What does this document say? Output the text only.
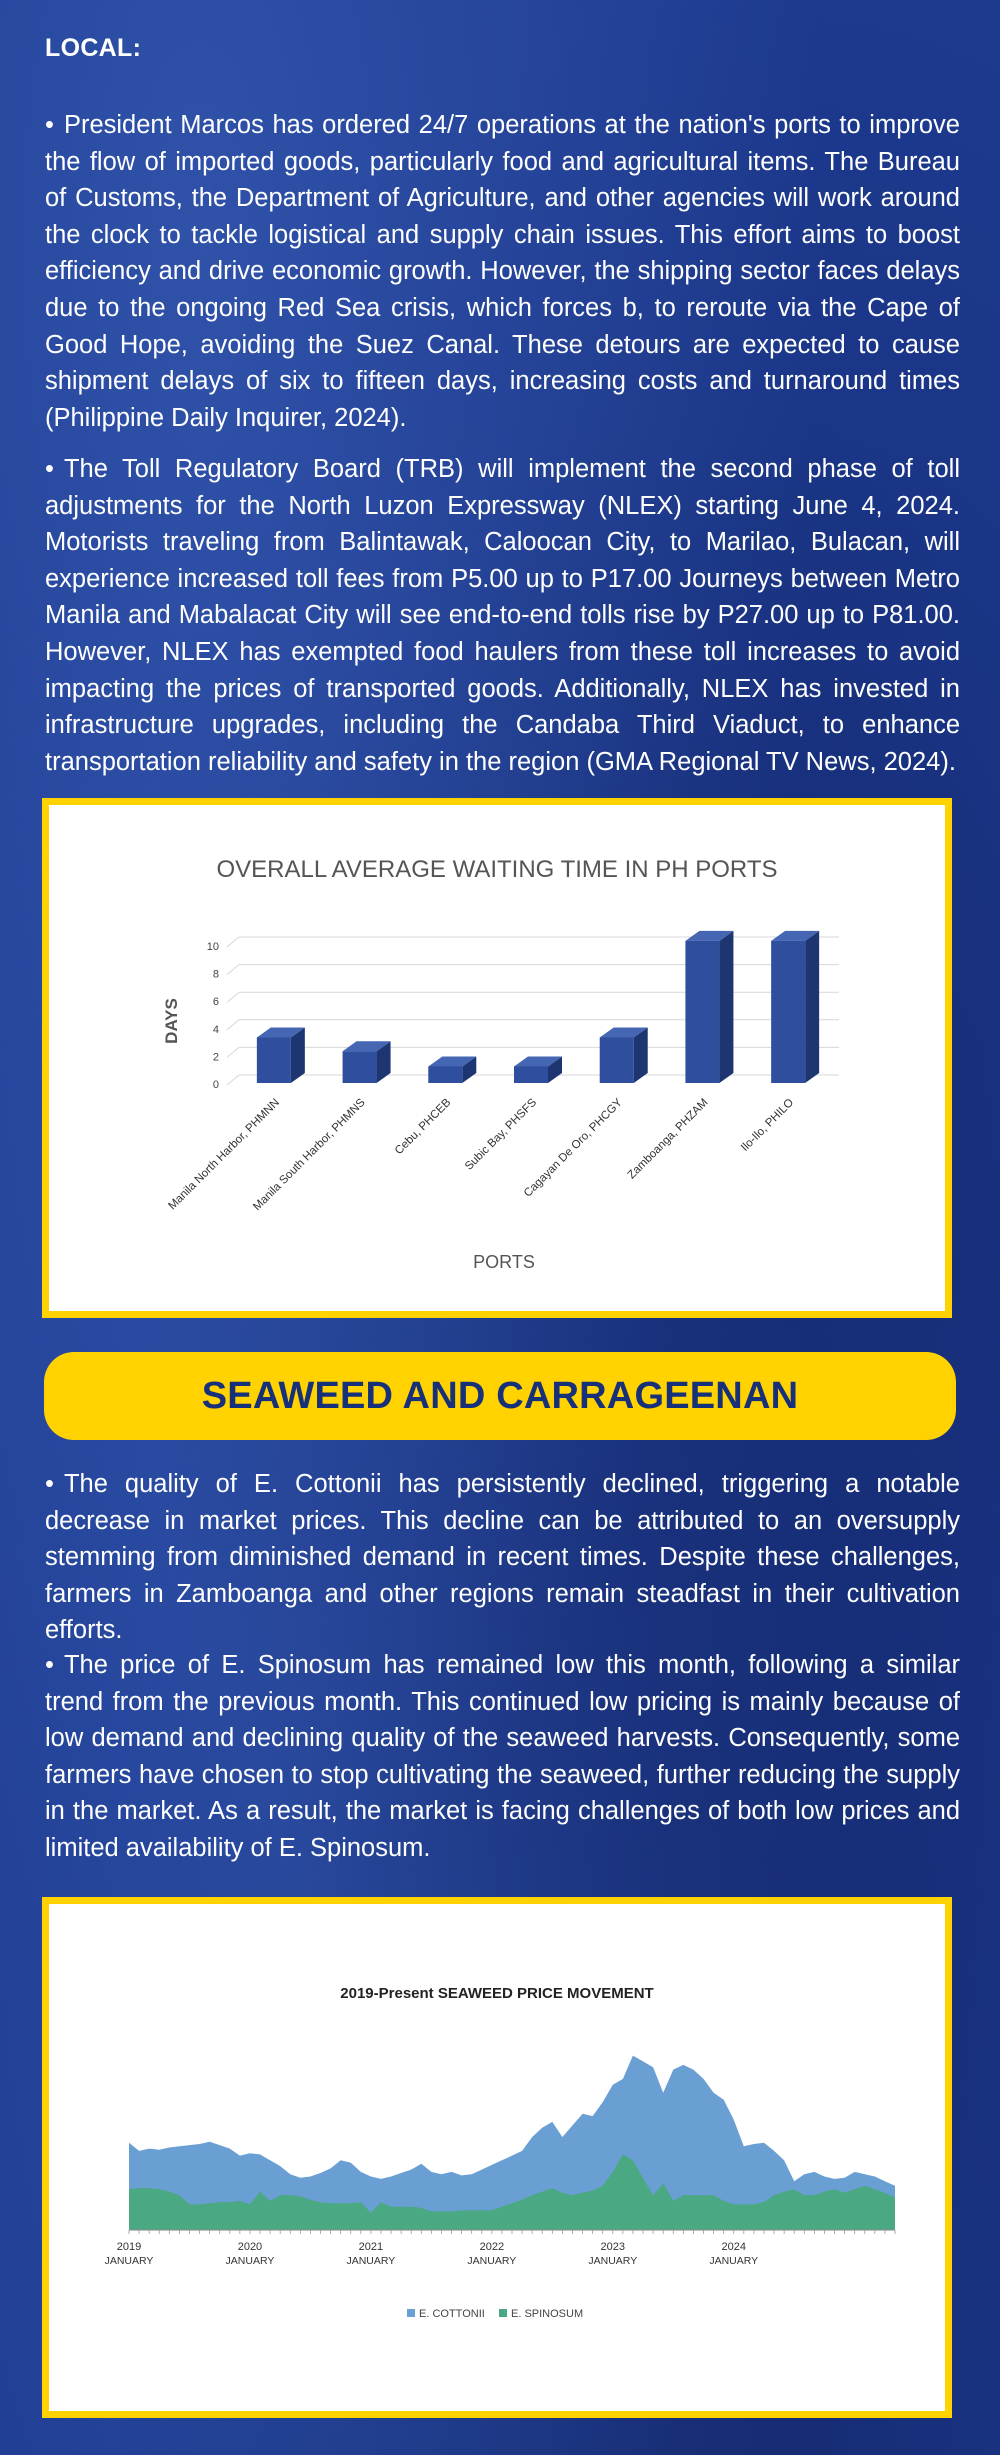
LOCAL:

• President Marcos has ordered 24/7 operations at the nation's ports to improve the flow of imported goods, particularly food and agricultural items. The Bureau of Customs, the Department of Agriculture, and other agencies will work around the clock to tackle logistical and supply chain issues. This effort aims to boost efficiency and drive economic growth. However, the shipping sector faces delays due to the ongoing Red Sea crisis, which forces b, to reroute via the Cape of Good Hope, avoiding the Suez Canal. These detours are expected to cause shipment delays of six to fifteen days, increasing costs and turnaround times (Philippine Daily Inquirer, 2024).

• The Toll Regulatory Board (TRB) will implement the second phase of toll adjustments for the North Luzon Expressway (NLEX) starting June 4, 2024. Motorists traveling from Balintawak, Caloocan City, to Marilao, Bulacan, will experience increased toll fees from P5.00 up to P17.00 Journeys between Metro Manila and Mabalacat City will see end-to-end tolls rise by P27.00 up to P81.00. However, NLEX has exempted food haulers from these toll increases to avoid impacting the prices of transported goods. Additionally, NLEX has invested in infrastructure upgrades, including the Candaba Third Viaduct, to enhance transportation reliability and safety in the region (GMA Regional TV News, 2024).

OVERALL AVERAGE WAITING TIME IN PH PORTS
0
2
4
6
8
10
Manila North Harbor, PHMNN
Manila South Harbor, PHMNS Cebu, PHCEB Subic Bay, PHSFS
Cagayan De Oro, PHCGY Zamboanga, PHZAM Ilo-Ilo, PHILO
DAYS
PORTS
SEAWEED AND CARRAGEENAN

• The quality of E. Cottonii has persistently declined, triggering a notable decrease in market prices. This decline can be attributed to an oversupply stemming from diminished demand in recent times. Despite these challenges, farmers in Zamboanga and other regions remain steadfast in their cultivation efforts.

• The price of E. Spinosum has remained low this month, following a similar trend from the previous month. This continued low pricing is mainly because of low demand and declining quality of the seaweed harvests. Consequently, some farmers have chosen to stop cultivating the seaweed, further reducing the supply in the market. As a result, the market is facing challenges of both low prices and limited availability of E. Spinosum.

2019-Present SEAWEED PRICE MOVEMENT
2019
JANUARY
2020
JANUARY
2021
JANUARY
2022
JANUARY
2023
JANUARY
2024
JANUARY
E. COTTONII E. SPINOSUM
